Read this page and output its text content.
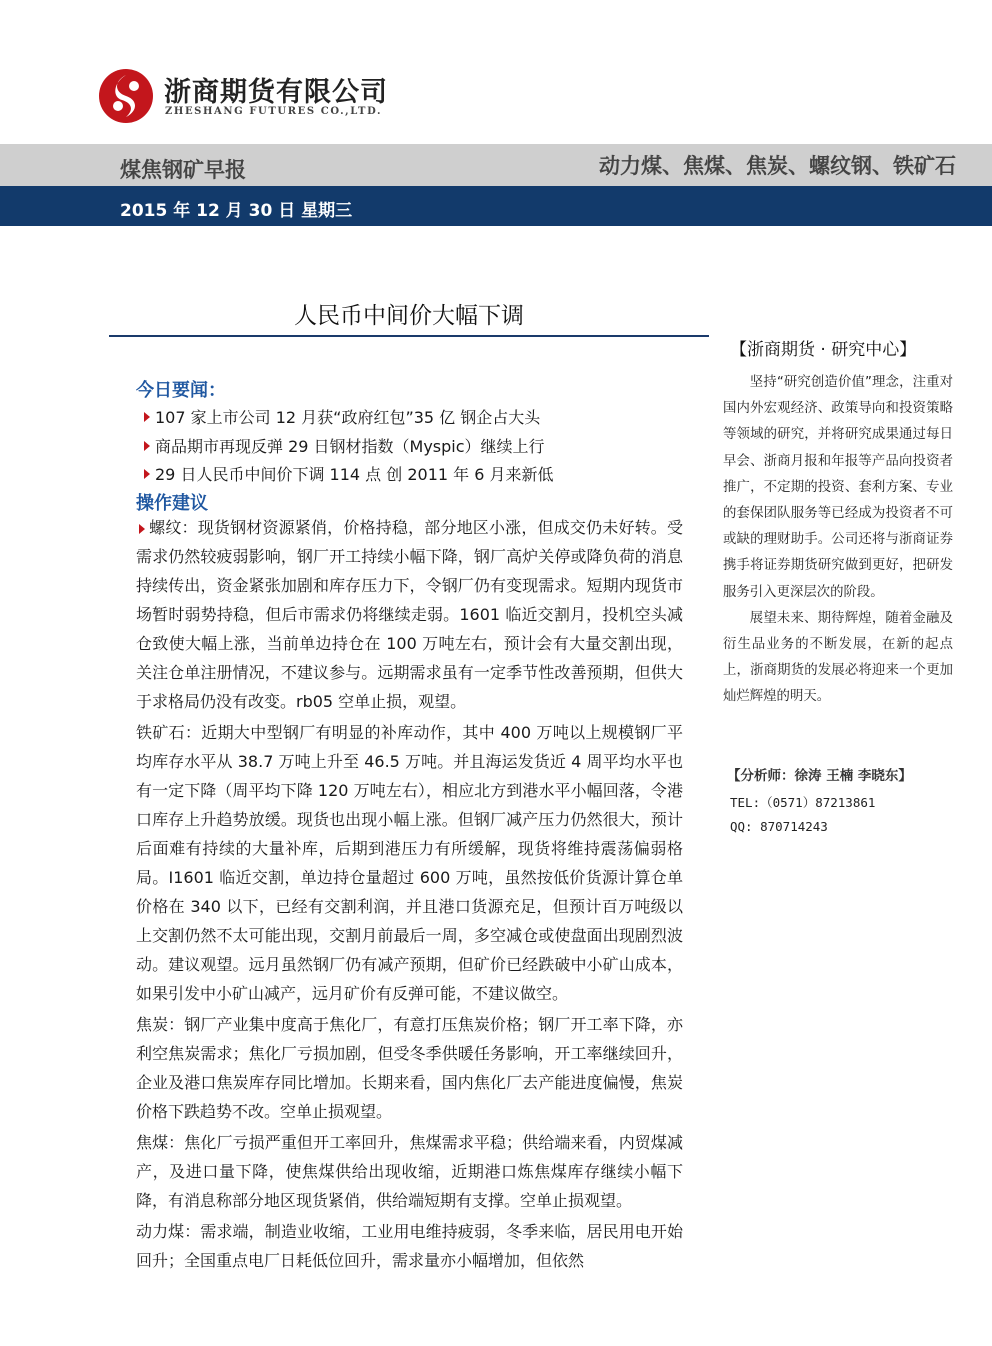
浙商期货有限公司
ZHESHANG FUTURES CO.,LTD.
煤焦钢矿早报	动力煤、焦煤、焦炭、螺纹钢、铁矿石
2015 年 12 月 30 日 星期三
人民币中间价大幅下调
今日要闻：
107 家上市公司 12 月获“政府红包”35 亿 钢企占大头
商品期市再现反弹 29 日钢材指数（Myspic）继续上行
29 日人民币中间价下调 114 点 创 2011 年 6 月来新低
操作建议

螺纹：现货钢材资源紧俏，价格持稳，部分地区小涨，但成交仍未好转。受需求仍然较疲弱影响，钢厂开工持续小幅下降，钢厂高炉关停或降负荷的消息持续传出，资金紧张加剧和库存压力下，令钢厂仍有变现需求。短期内现货市场暂时弱势持稳，但后市需求仍将继续走弱。1601 临近交割月，投机空头减仓致使大幅上涨，当前单边持仓在 100 万吨左右，预计会有大量交割出现，关注仓单注册情况，不建议参与。远期需求虽有一定季节性改善预期，但供大于求格局仍没有改变。rb05 空单止损，观望。

铁矿石：近期大中型钢厂有明显的补库动作，其中 400 万吨以上规模钢厂平均库存水平从 38.7 万吨上升至 46.5 万吨。并且海运发货近 4 周平均水平也有一定下降（周平均下降 120 万吨左右），相应北方到港水平小幅回落，令港口库存上升趋势放缓。现货也出现小幅上涨。但钢厂减产压力仍然很大，预计后面难有持续的大量补库，后期到港压力有所缓解，现货将维持震荡偏弱格局。I1601 临近交割，单边持仓量超过 600 万吨，虽然按低价货源计算仓单价格在 340 以下，已经有交割利润，并且港口货源充足，但预计百万吨级以上交割仍然不太可能出现，交割月前最后一周，多空减仓或使盘面出现剧烈波动。建议观望。远月虽然钢厂仍有减产预期，但矿价已经跌破中小矿山成本，如果引发中小矿山减产，远月矿价有反弹可能，不建议做空。

焦炭：钢厂产业集中度高于焦化厂，有意打压焦炭价格；钢厂开工率下降，亦利空焦炭需求；焦化厂亏损加剧，但受冬季供暖任务影响，开工率继续回升，企业及港口焦炭库存同比增加。长期来看，国内焦化厂去产能进度偏慢，焦炭价格下跌趋势不改。空单止损观望。

焦煤：焦化厂亏损严重但开工率回升，焦煤需求平稳；供给端来看，内贸煤减产，及进口量下降，使焦煤供给出现收缩，近期港口炼焦煤库存继续小幅下降，有消息称部分地区现货紧俏，供给端短期有支撑。空单止损观望。

动力煤：需求端，制造业收缩，工业用电维持疲弱，冬季来临，居民用电开始回升；全国重点电厂日耗低位回升，需求量亦小幅增加，但依然

【浙商期货 · 研究中心】

坚持“研究创造价值”理念，注重对国内外宏观经济、政策导向和投资策略等领域的研究，并将研究成果通过每日早会、浙商月报和年报等产品向投资者推广，不定期的投资、套利方案、专业的套保团队服务等已经成为投资者不可或缺的理财助手。公司还将与浙商证券携手将证券期货研究做到更好，把研发服务引入更深层次的阶段。

展望未来、期待辉煌，随着金融及衍生品业务的不断发展，在新的起点上，浙商期货的发展必将迎来一个更加灿烂辉煌的明天。

【分析师：徐涛 王楠 李晓东】
TEL:（0571）87213861
QQ: 870714243
